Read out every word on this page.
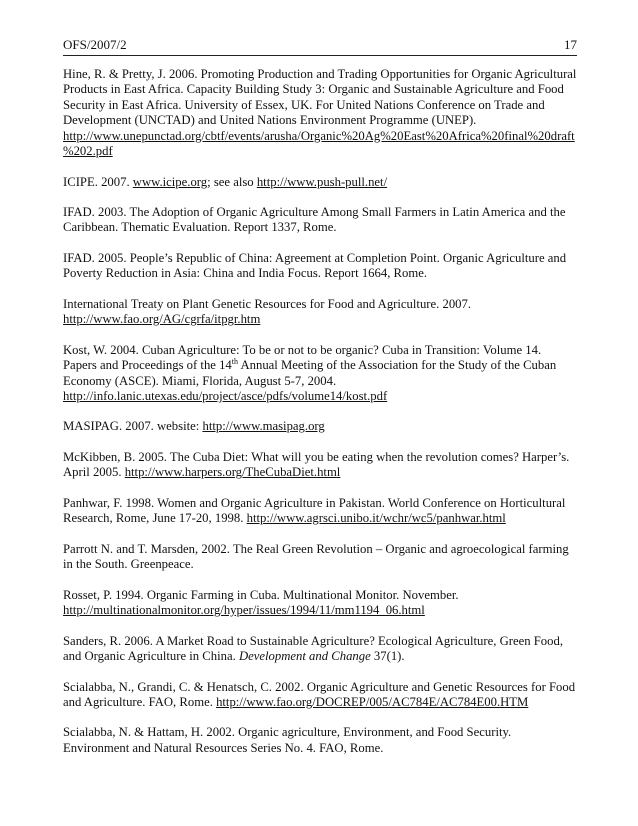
OFS/2007/2	17

Hine, R. & Pretty, J. 2006. Promoting Production and Trading Opportunities for Organic Agricultural Products in East Africa. Capacity Building Study 3: Organic and Sustainable Agriculture and Food Security in East Africa. University of Essex, UK. For United Nations Conference on Trade and Development (UNCTAD) and United Nations Environment Programme (UNEP).
http://www.unepunctad.org/cbtf/events/arusha/Organic%20Ag%20East%20Africa%20final%20draft
%202.pdf

ICIPE. 2007. www.icipe.org; see also http://www.push-pull.net/

IFAD. 2003. The Adoption of Organic Agriculture Among Small Farmers in Latin America and the Caribbean. Thematic Evaluation. Report 1337, Rome.

IFAD. 2005. People’s Republic of China: Agreement at Completion Point. Organic Agriculture and Poverty Reduction in Asia: China and India Focus. Report 1664, Rome.

International Treaty on Plant Genetic Resources for Food and Agriculture. 2007.
http://www.fao.org/AG/cgrfa/itpgr.htm

Kost, W. 2004. Cuban Agriculture: To be or not to be organic? Cuba in Transition: Volume 14. Papers and Proceedings of the 14th Annual Meeting of the Association for the Study of the Cuban Economy (ASCE). Miami, Florida, August 5-7, 2004.
http://info.lanic.utexas.edu/project/asce/pdfs/volume14/kost.pdf

MASIPAG. 2007. website: http://www.masipag.org

McKibben, B. 2005. The Cuba Diet: What will you be eating when the revolution comes? Harper’s. April 2005. http://www.harpers.org/TheCubaDiet.html

Panhwar, F. 1998. Women and Organic Agriculture in Pakistan. World Conference on Horticultural Research, Rome, June 17-20, 1998. http://www.agrsci.unibo.it/wchr/wc5/panhwar.html

Parrott N. and T. Marsden, 2002. The Real Green Revolution – Organic and agroecological farming in the South. Greenpeace.

Rosset, P. 1994. Organic Farming in Cuba. Multinational Monitor. November.
http://multinationalmonitor.org/hyper/issues/1994/11/mm1194_06.html

Sanders, R. 2006. A Market Road to Sustainable Agriculture? Ecological Agriculture, Green Food, and Organic Agriculture in China. Development and Change 37(1).

Scialabba, N., Grandi, C. & Henatsch, C. 2002. Organic Agriculture and Genetic Resources for Food and Agriculture. FAO, Rome. http://www.fao.org/DOCREP/005/AC784E/AC784E00.HTM

Scialabba, N. & Hattam, H. 2002. Organic agriculture, Environment, and Food Security. Environment and Natural Resources Series No. 4. FAO, Rome.
